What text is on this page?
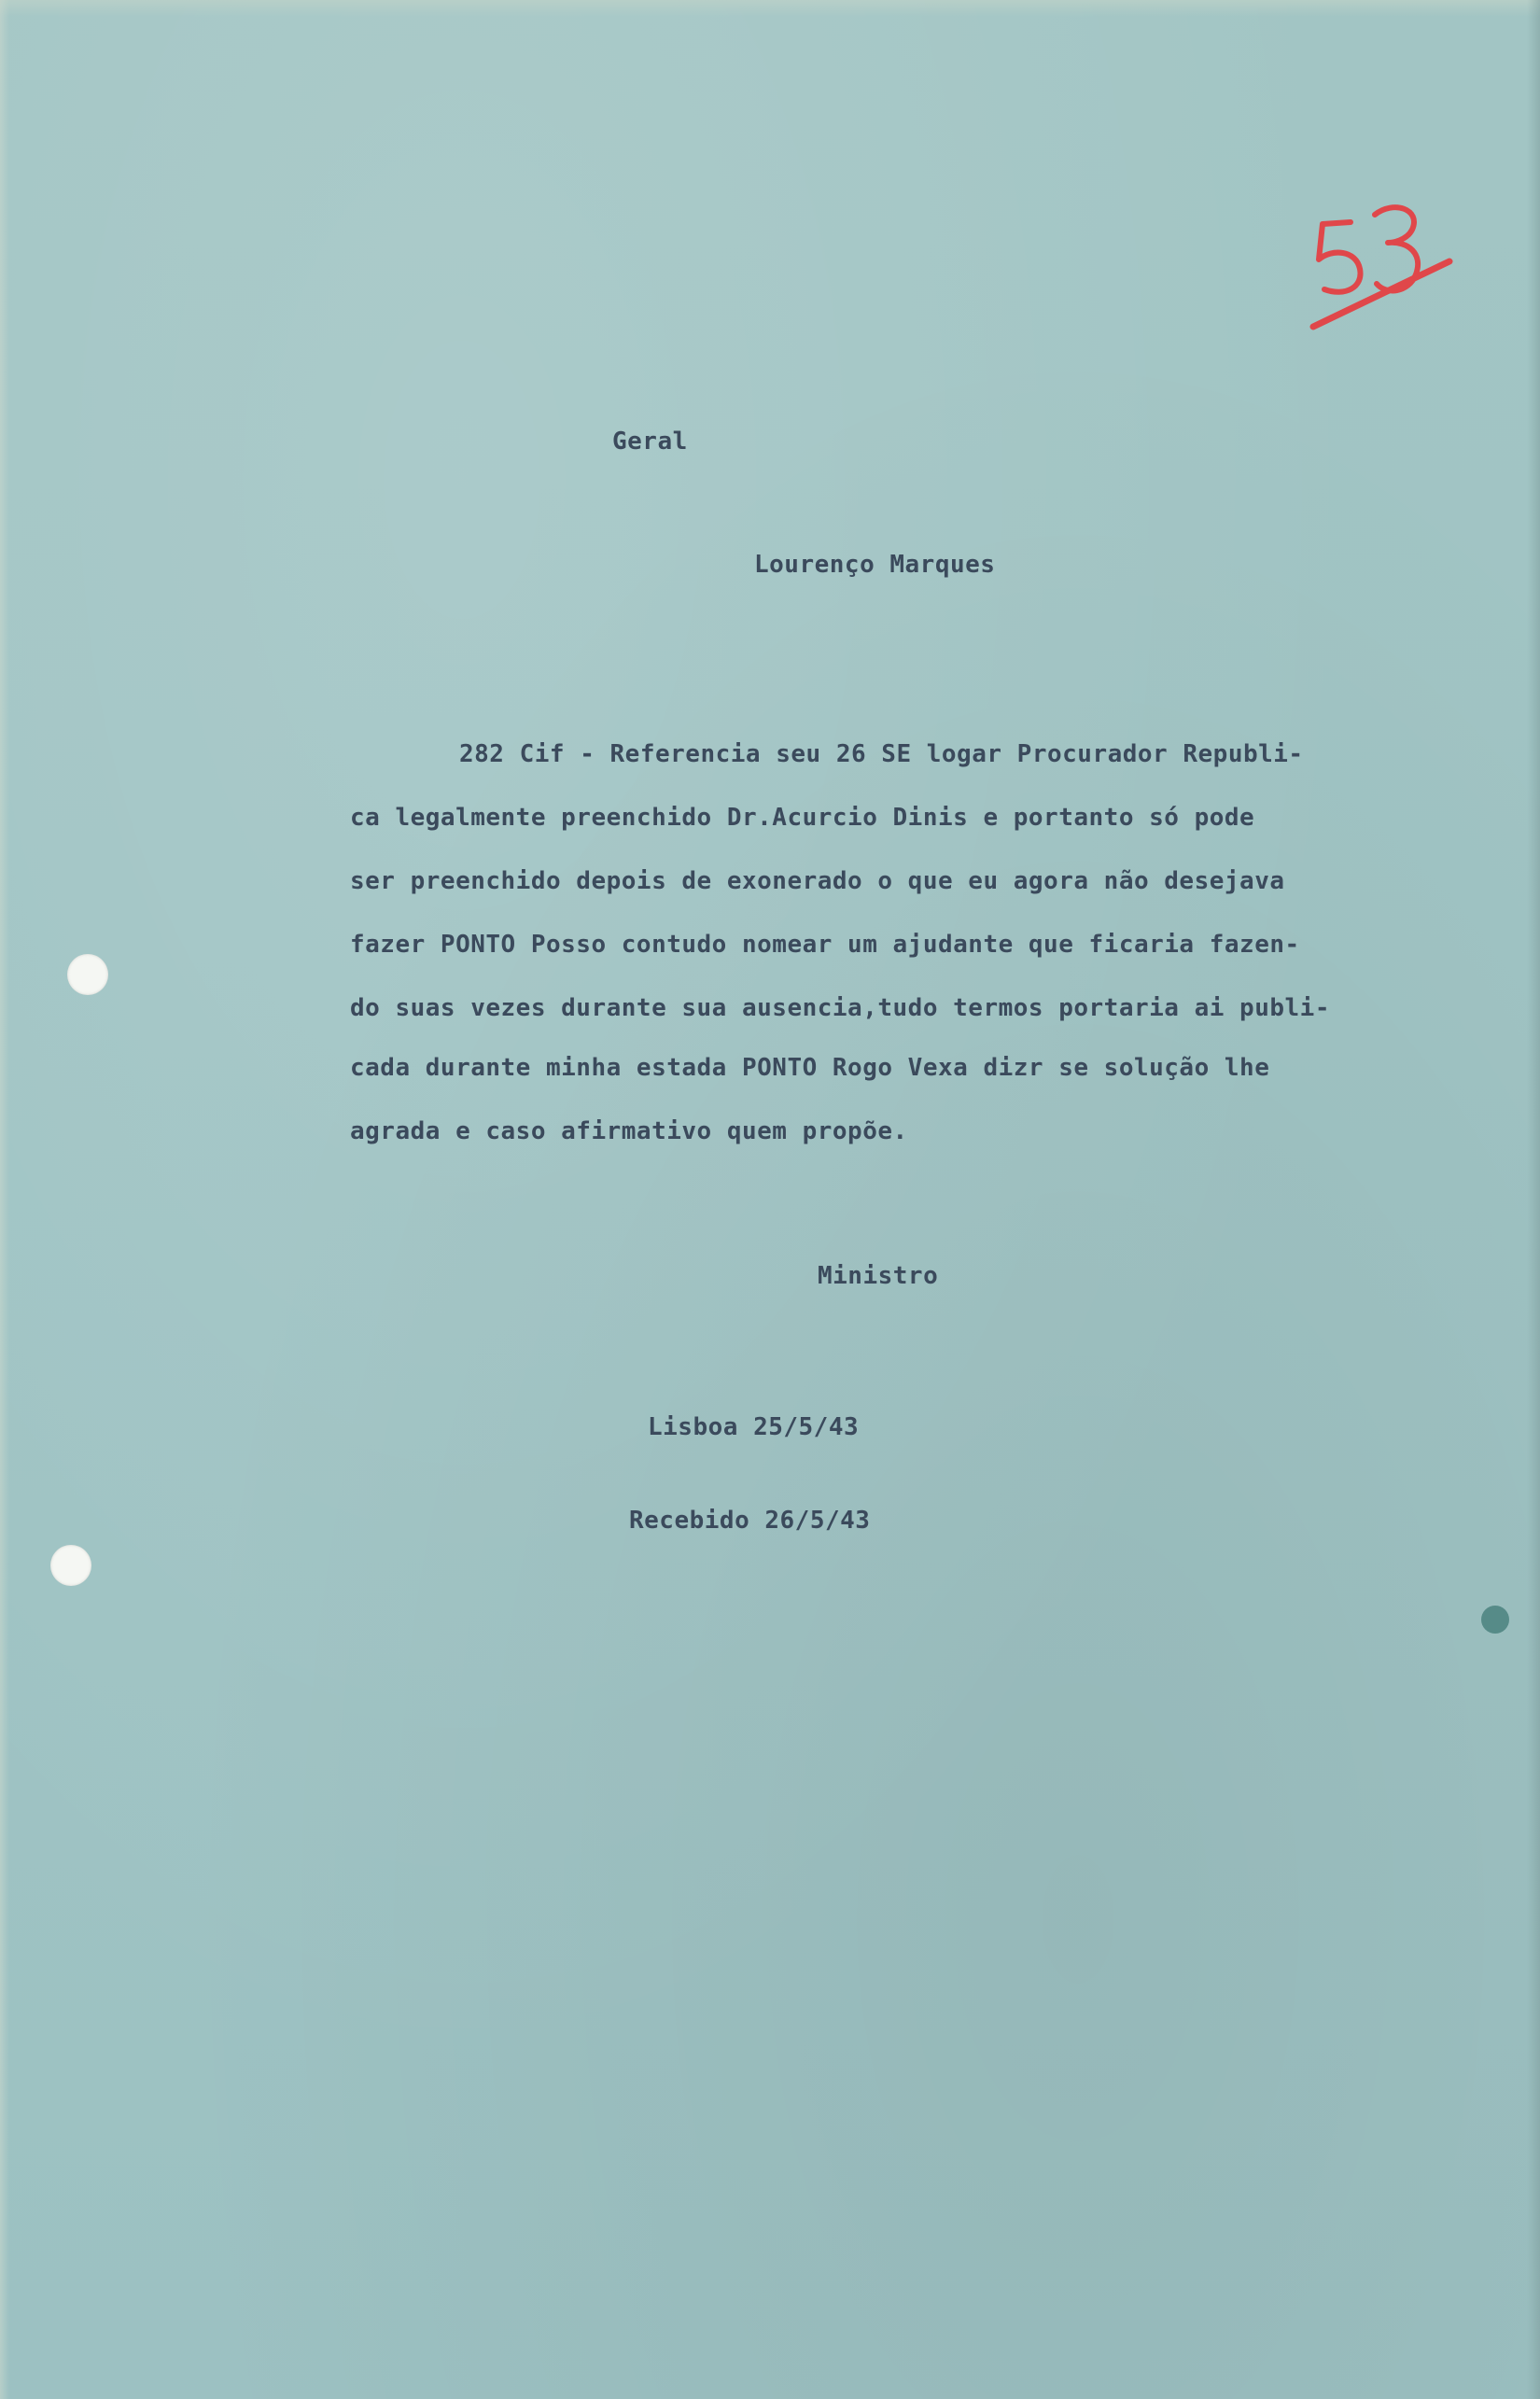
Geral

Lourenço Marques

282 Cif - Referencia seu 26 SE logar Procurador Republi-

ca legalmente preenchido Dr.Acurcio Dinis e portanto só pode

ser preenchido depois de exonerado o que eu agora não desejava

fazer PONTO Posso contudo nomear um ajudante que ficaria fazen-

do suas vezes durante sua ausencia,tudo termos portaria ai publi-

cada durante minha estada PONTO Rogo Vexa dizr se solução lhe

agrada e caso afirmativo quem propõe.

Ministro

Lisboa 25/5/43

Recebido 26/5/43
